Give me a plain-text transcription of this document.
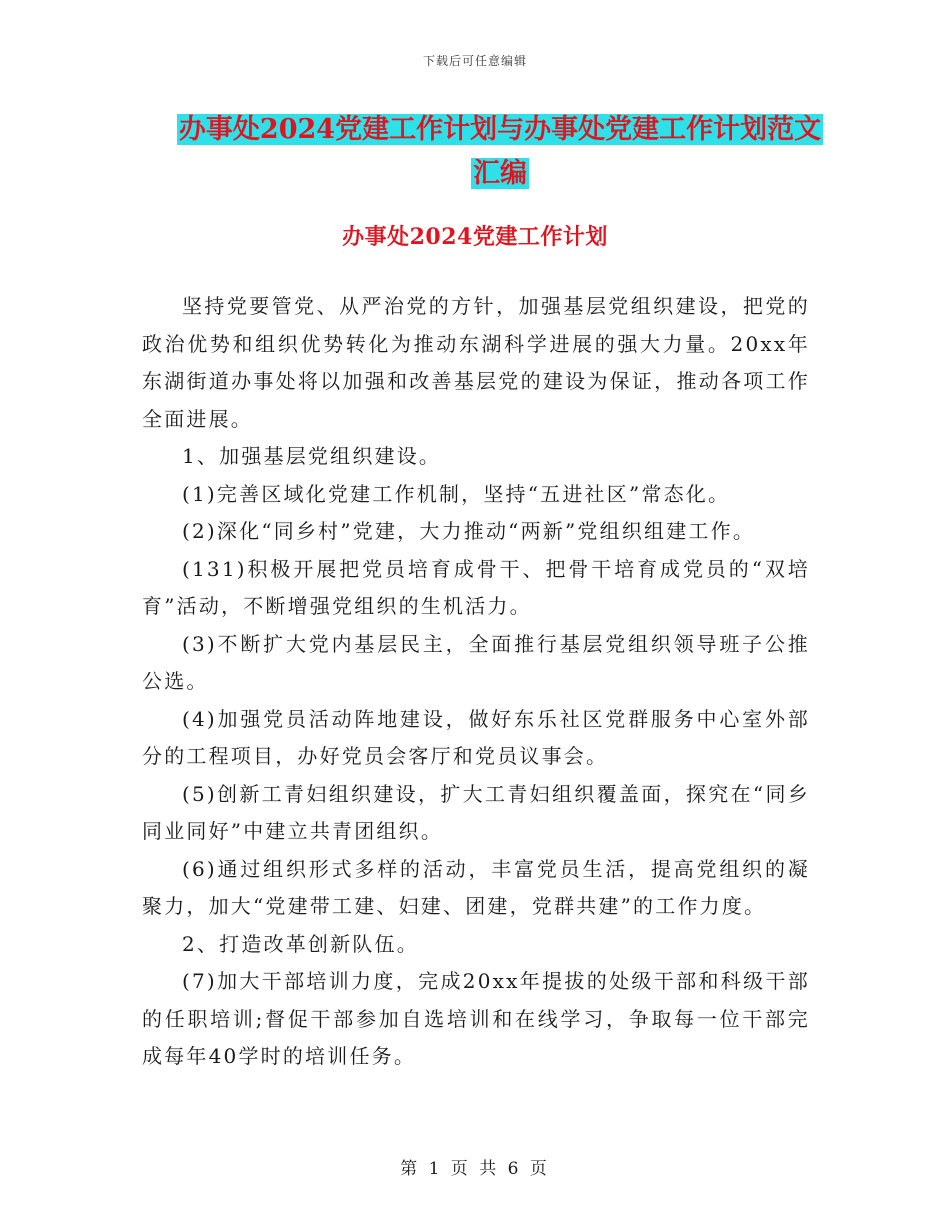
下载后可任意编辑
办事处2024党建工作计划与办事处党建工作计划范文
汇编
办事处2024党建工作计划

坚持党要管党、从严治党的方针，加强基层党组织建设，把党的政治优势和组织优势转化为推动东湖科学进展的强大力量。20xx年东湖街道办事处将以加强和改善基层党的建设为保证，推动各项工作全面进展。

1、加强基层党组织建设。

(1)完善区域化党建工作机制，坚持“五进社区”常态化。

(2)深化“同乡村”党建，大力推动“两新”党组织组建工作。

(131)积极开展把党员培育成骨干、把骨干培育成党员的“双培育”活动，不断增强党组织的生机活力。

(3)不断扩大党内基层民主，全面推行基层党组织领导班子公推公选。

(4)加强党员活动阵地建设，做好东乐社区党群服务中心室外部分的工程项目，办好党员会客厅和党员议事会。

(5)创新工青妇组织建设，扩大工青妇组织覆盖面，探究在“同乡同业同好”中建立共青团组织。

(6)通过组织形式多样的活动，丰富党员生活，提高党组织的凝聚力，加大“党建带工建、妇建、团建，党群共建”的工作力度。

2、打造改革创新队伍。

(7)加大干部培训力度，完成20xx年提拔的处级干部和科级干部的任职培训;督促干部参加自选培训和在线学习，争取每一位干部完成每年40学时的培训任务。

第 1 页 共 6 页
